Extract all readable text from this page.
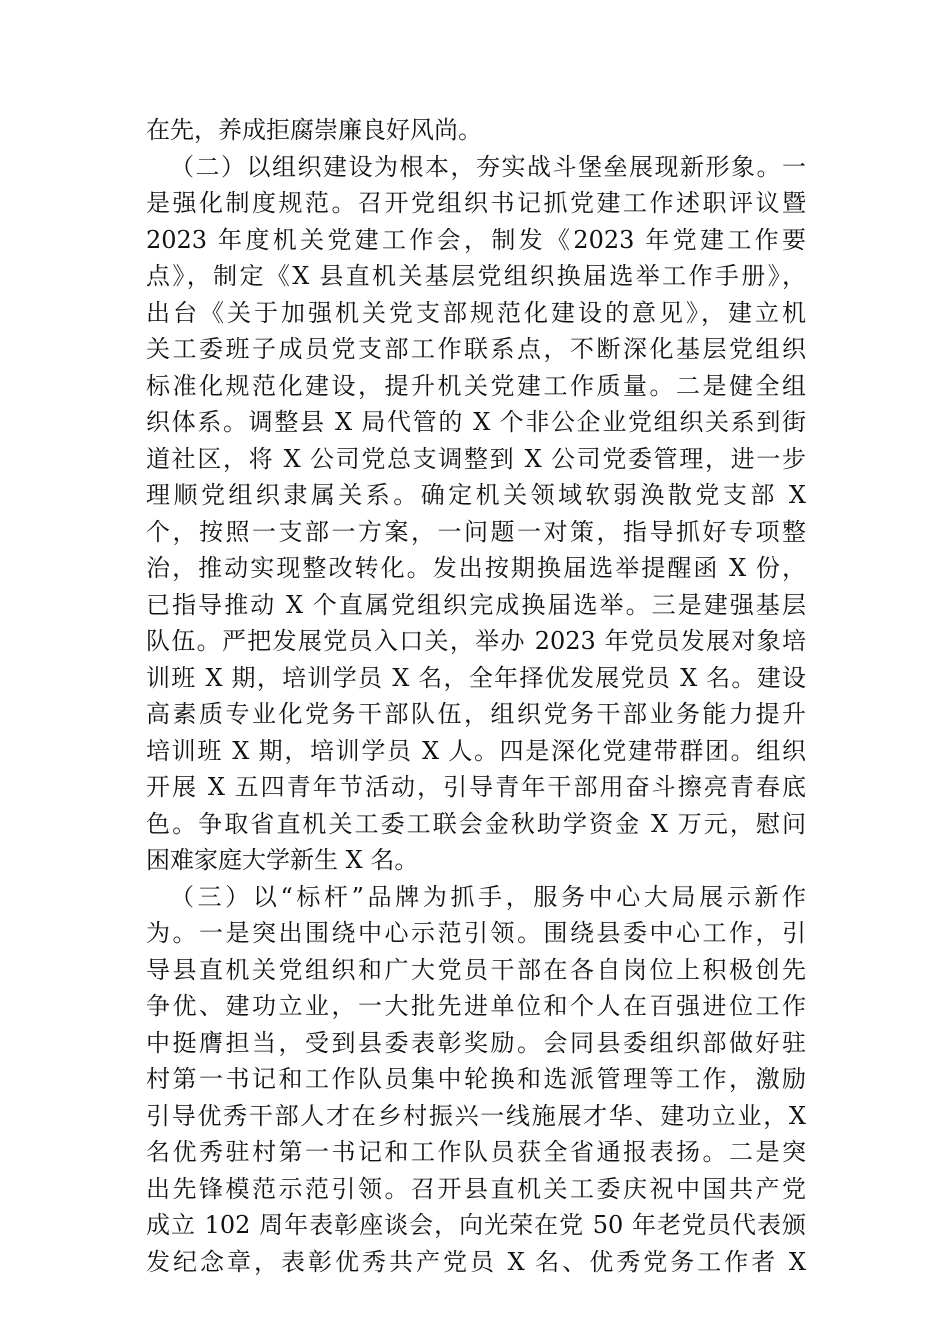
在先，养成拒腐崇廉良好风尚。
（二）以组织建设为根本，夯实战斗堡垒展现新形象。一
是强化制度规范。召开党组织书记抓党建工作述职评议暨
2023 年度机关党建工作会，制发《2023 年党建工作要
点》，制定《X 县直机关基层党组织换届选举工作手册》，
出台《关于加强机关党支部规范化建设的意见》，建立机
关工委班子成员党支部工作联系点，不断深化基层党组织
标准化规范化建设，提升机关党建工作质量。二是健全组
织体系。调整县 X 局代管的 X 个非公企业党组织关系到街
道社区，将 X 公司党总支调整到 X 公司党委管理，进一步
理顺党组织隶属关系。确定机关领域软弱涣散党支部 X
个，按照一支部一方案，一问题一对策，指导抓好专项整
治，推动实现整改转化。发出按期换届选举提醒函 X 份，
已指导推动 X 个直属党组织完成换届选举。三是建强基层
队伍。严把发展党员入口关，举办 2023 年党员发展对象培
训班 X 期，培训学员 X 名，全年择优发展党员 X 名。建设
高素质专业化党务干部队伍，组织党务干部业务能力提升
培训班 X 期，培训学员 X 人。四是深化党建带群团。组织
开展 X 五四青年节活动，引导青年干部用奋斗擦亮青春底
色。争取省直机关工委工联会金秋助学资金 X 万元，慰问
困难家庭大学新生 X 名。
（三）以“标杆”品牌为抓手，服务中心大局展示新作
为。一是突出围绕中心示范引领。围绕县委中心工作，引
导县直机关党组织和广大党员干部在各自岗位上积极创先
争优、建功立业，一大批先进单位和个人在百强进位工作
中挺膺担当，受到县委表彰奖励。会同县委组织部做好驻
村第一书记和工作队员集中轮换和选派管理等工作，激励
引导优秀干部人才在乡村振兴一线施展才华、建功立业，X
名优秀驻村第一书记和工作队员获全省通报表扬。二是突
出先锋模范示范引领。召开县直机关工委庆祝中国共产党
成立 102 周年表彰座谈会，向光荣在党 50 年老党员代表颁
发纪念章，表彰优秀共产党员 X 名、优秀党务工作者 X
